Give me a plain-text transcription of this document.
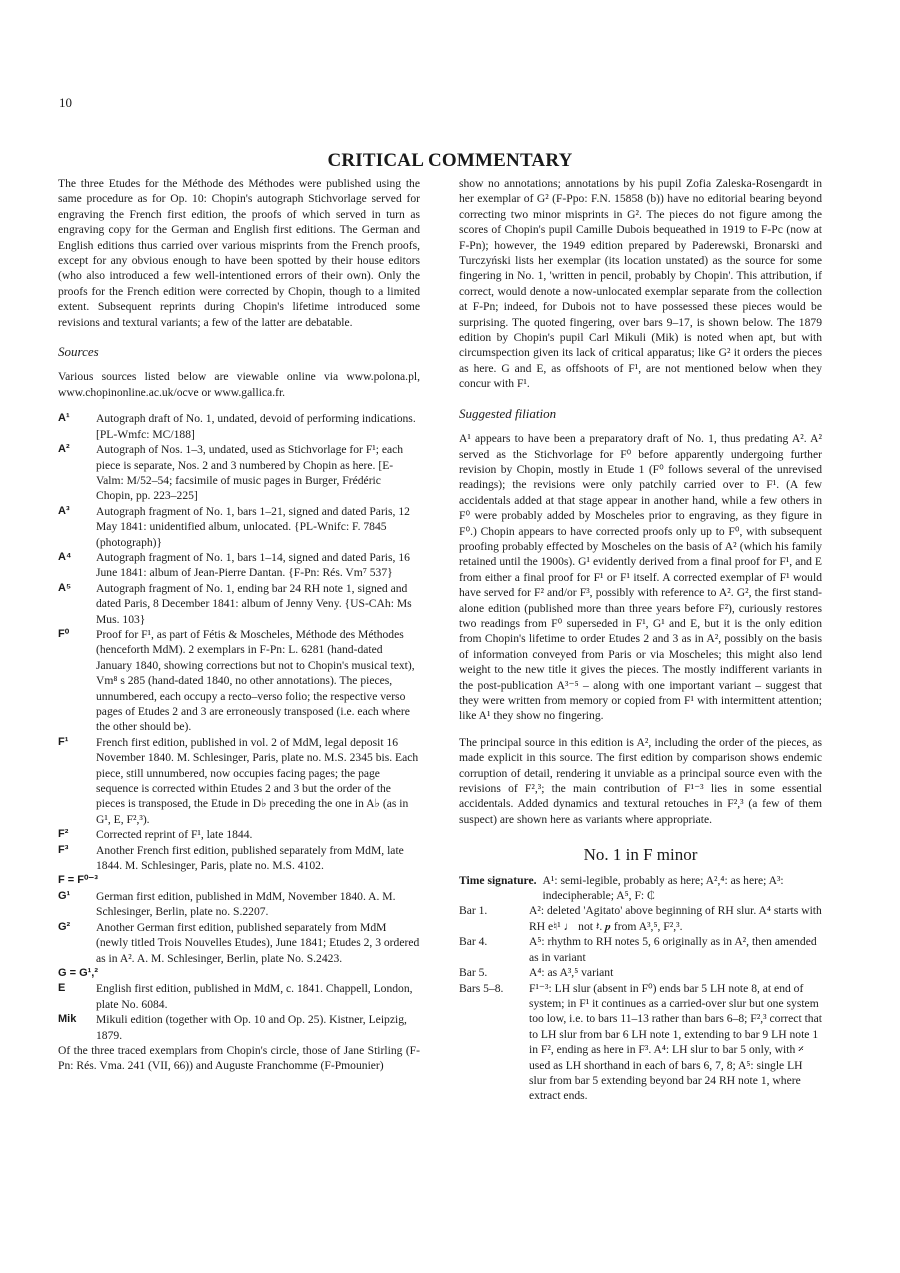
10
CRITICAL COMMENTARY

The three Etudes for the Méthode des Méthodes were published using the same procedure as for Op. 10: Chopin's autograph Stichvorlage served for engraving the French first edition, the proofs of which served in turn as engraving copy for the German and English first editions. The German and English editions thus carried over various misprints from the French proofs, except for any obvious enough to have been spotted by their house editors (who also introduced a few well-intentioned errors of their own). Only the proofs for the French edition were corrected by Chopin, though to a limited extent. Subsequent reprints during Chopin's lifetime introduced some revisions and textural variants; a few of the latter are debatable.

Sources

Various sources listed below are viewable online via www.polona.pl, www.chopinonline.ac.uk/ocve or www.gallica.fr.

A¹	Autograph draft of No. 1, undated, devoid of performing indications. [PL-Wmfc: MC/188]
A²	Autograph of Nos. 1–3, undated, used as Stichvorlage for F¹; each piece is separate, Nos. 2 and 3 numbered by Chopin as here. [E-Valm: M/52–54; facsimile of music pages in Burger, Frédéric Chopin, pp. 223–225]
A³	Autograph fragment of No. 1, bars 1–21, signed and dated Paris, 12 May 1841: unidentified album, unlocated. {PL-Wnifc: F. 7845 (photograph)}
A⁴	Autograph fragment of No. 1, bars 1–14, signed and dated Paris, 16 June 1841: album of Jean-Pierre Dantan. {F-Pn: Rés. Vm⁷ 537}
A⁵	Autograph fragment of No. 1, ending bar 24 RH note 1, signed and dated Paris, 8 December 1841: album of Jenny Veny. {US-CAh: Ms Mus. 103}
F⁰	Proof for F¹, as part of Fétis & Moscheles, Méthode des Méthodes (henceforth MdM). 2 exemplars in F-Pn: L. 6281 (hand-dated January 1840, showing corrections but not to Chopin's musical text), Vm⁸ s 285 (hand-dated 1840, no other annotations). The pieces, unnumbered, each occupy a recto–verso folio; the respective verso pages of Etudes 2 and 3 are erroneously transposed (i.e. each where the other should be).
F¹	French first edition, published in vol. 2 of MdM, legal deposit 16 November 1840. M. Schlesinger, Paris, plate no. M.S. 2345 bis. Each piece, still unnumbered, now occupies facing pages; the page sequence is corrected within Etudes 2 and 3 but the order of the pieces is transposed, the Etude in D♭ preceding the one in A♭ (as in G¹, E, F²,³).
F²	Corrected reprint of F¹, late 1844.
F³	Another French first edition, published separately from MdM, late 1844. M. Schlesinger, Paris, plate no. M.S. 4102.
F = F⁰⁻³
G¹	German first edition, published in MdM, November 1840. A. M. Schlesinger, Berlin, plate no. S.2207.
G²	Another German first edition, published separately from MdM (newly titled Trois Nouvelles Etudes), June 1841; Etudes 2, 3 ordered as in A². A. M. Schlesinger, Berlin, plate No. S.2423.
G = G¹,²
E	English first edition, published in MdM, c. 1841. Chappell, London, plate No. 6084.
Mik	Mikuli edition (together with Op. 10 and Op. 25). Kistner, Leipzig, 1879.

Of the three traced exemplars from Chopin's circle, those of Jane Stirling (F-Pn: Rés. Vma. 241 (VII, 66)) and Auguste Franchomme (F-Pmounier)

show no annotations; annotations by his pupil Zofia Zaleska-Rosengardt in her exemplar of G² (F-Ppo: F.N. 15858 (b)) have no editorial bearing beyond correcting two minor misprints in G². The pieces do not figure among the scores of Chopin's pupil Camille Dubois bequeathed in 1919 to F-Pc (now at F-Pn); however, the 1949 edition prepared by Paderewski, Bronarski and Turczyński lists her exemplar (its location unstated) as the source for some fingering in No. 1, 'written in pencil, probably by Chopin'. This attribution, if correct, would denote a now-unlocated exemplar separate from the collection at F-Pn; indeed, for Dubois not to have possessed these pieces would be surprising. The quoted fingering, over bars 9–17, is shown below. The 1879 edition by Chopin's pupil Carl Mikuli (Mik) is noted when apt, but with circumspection given its lack of critical apparatus; like G² it orders the pieces as here. G and E, as offshoots of F¹, are not mentioned below when they concur with F¹.

Suggested filiation

A¹ appears to have been a preparatory draft of No. 1, thus predating A². A² served as the Stichvorlage for F⁰ before apparently undergoing further revision by Chopin, mostly in Etude 1 (F⁰ follows several of the unrevised readings); the revisions were only patchily carried over to F¹. (A few accidentals added at that stage appear in another hand, while a few others in F⁰ were probably added by Moscheles prior to engraving, as they figure in F⁰.) Chopin appears to have corrected proofs only up to F⁰, with subsequent proofing probably effected by Moscheles on the basis of A² (which his family retained until the 1900s). G¹ evidently derived from a final proof for F¹, and E from either a final proof for F¹ or F¹ itself. A corrected exemplar of F¹ would have served for F² and/or F³, possibly with reference to A². G², the first stand-alone edition (published more than three years before F²), curiously restores two readings from F⁰ superseded in F¹, G¹ and E, but it is the only edition from Chopin's lifetime to order Etudes 2 and 3 as in A², possibly on the basis of information conveyed from Paris or via Moscheles; this might also lend weight to the new title it gives the pieces. The mostly indifferent variants in the post-publication A³⁻⁵ – along with one important variant – suggest that they were written from memory or copied from F¹ with intermittent attention; like A¹ they show no fingering.

The principal source in this edition is A², including the order of the pieces, as made explicit in this source. The first edition by comparison shows endemic corruption of detail, rendering it unviable as a principal source even with the revisions of F²,³; the main contribution of F¹⁻³ lies in some essential accidentals. Added dynamics and textural retouches in F²,³ (a few of them suspect) are shown here as variants where appropriate.

No. 1 in F minor
Time signature. A¹: semi-legible, probably as here; A²,⁴: as here; A³: indecipherable; A⁵, F: ₵
Bar 1.	A²: deleted 'Agitato' above beginning of RH slur. A⁴ starts with RH e♮¹ ♩ not 𝄽. 𝆏 from A³,⁵, F²,³.
Bar 4.	A⁵: rhythm to RH notes 5, 6 originally as in A², then amended as in variant
Bar 5.	A⁴: as A³,⁵ variant
Bars 5–8.	F¹⁻³: LH slur (absent in F⁰) ends bar 5 LH note 8, at end of system; in F¹ it continues as a carried-over slur but one system too low, i.e. to bars 11–13 rather than bars 6–8; F²,³ correct that to LH slur from bar 6 LH note 1, extending to bar 9 LH note 1 in F², ending as here in F³. A⁴: LH slur to bar 5 only, with 𝄎 used as LH shorthand in each of bars 6, 7, 8; A⁵: single LH slur from bar 5 extending beyond bar 24 RH note 1, where extract ends.
